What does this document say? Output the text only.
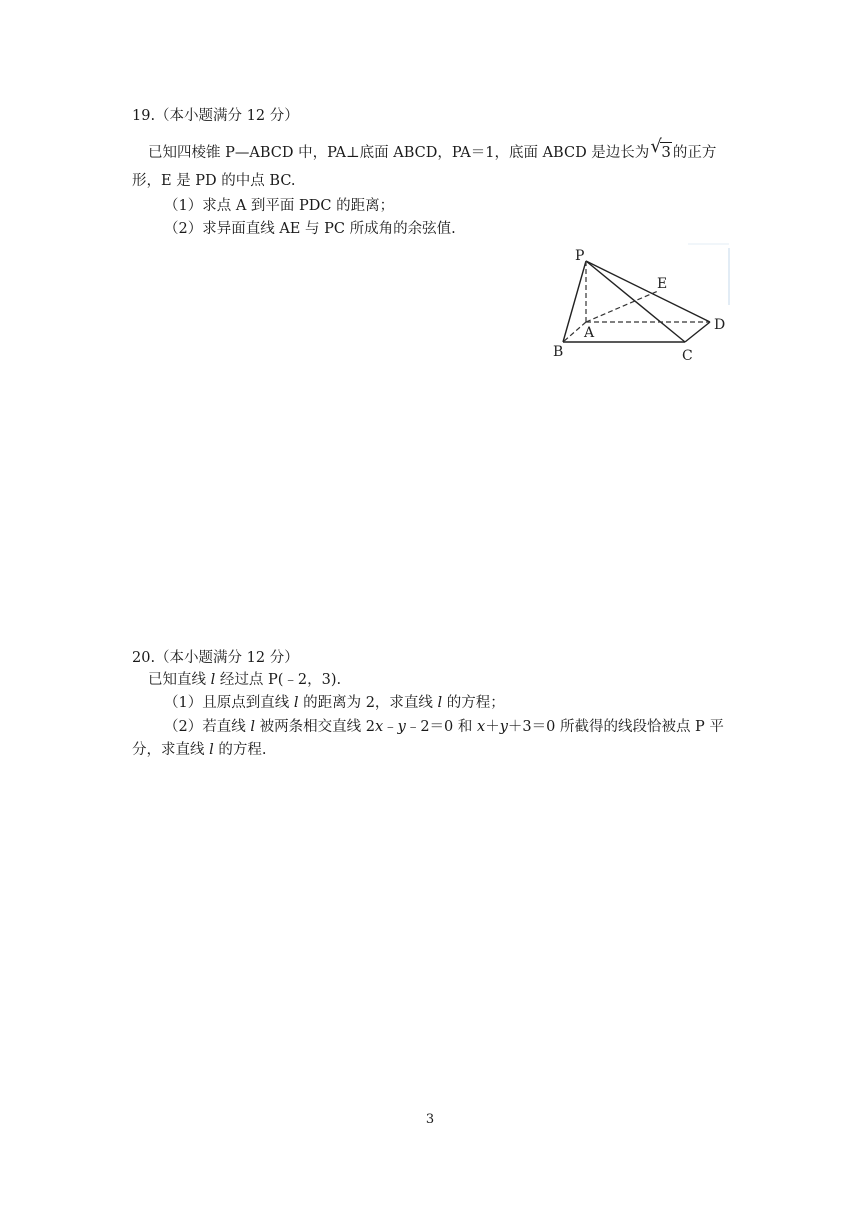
19.（本小题满分 12 分）
已知四棱锥 P—ABCD 中，PA⊥底面 ABCD，PA＝1，底面 ABCD 是边长为 √ 3 的正方
形，E 是 PD 的中点 BC.
（1）求点 A 到平面 PDC 的距离；
（2）求异面直线 AE 与 PC 所成角的余弦值.
P
E
A	D
B	C
20.（本小题满分 12 分）
已知直线 l 经过点 P(﹣2，3).
（1）且原点到直线 l 的距离为 2，求直线 l 的方程；
（2）若直线 l 被两条相交直线 2x﹣y﹣2＝0 和 x＋y＋3＝0 所截得的线段恰被点 P 平
分，求直线 l 的方程.
3
